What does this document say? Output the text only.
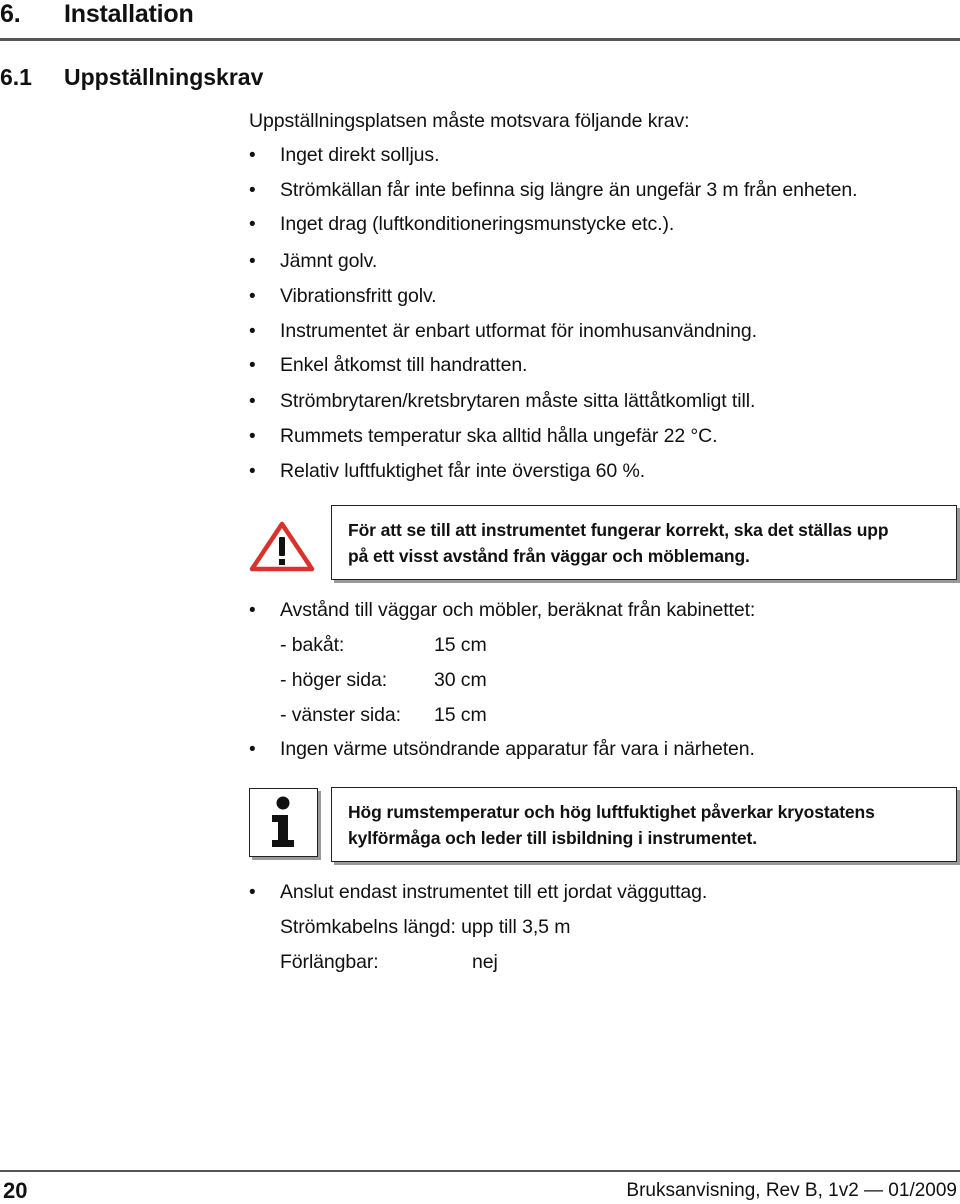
6. Installation
6.1 Uppställningskrav
Uppställningsplatsen måste motsvara följande krav:
• Inget direkt solljus.
• Strömkällan får inte befinna sig längre än ungefär 3 m från enheten.
• Inget drag (luftkonditioneringsmunstycke etc.).
• Jämnt golv.
• Vibrationsfritt golv.
• Instrumentet är enbart utformat för inomhusanvändning.
• Enkel åtkomst till handratten.
• Strömbrytaren/kretsbrytaren måste sitta lättåtkomligt till.
• Rummets temperatur ska alltid hålla ungefär 22 °C.
• Relativ luftfuktighet får inte överstiga 60 %.
För att se till att instrumentet fungerar korrekt, ska det ställas upp
på ett visst avstånd från väggar och möblemang.
• Avstånd till väggar och möbler, beräknat från kabinettet:
- bakåt:	15 cm
- höger sida: 30 cm
- vänster sida: 15 cm
• Ingen värme utsöndrande apparatur får vara i närheten.
Hög rumstemperatur och hög luftfuktighet påverkar kryostatens
kylförmåga och leder till isbildning i instrumentet.
• Anslut endast instrumentet till ett jordat vägguttag.
Strömkabelns längd: upp till 3,5 m
Förlängbar:	nej
20	Bruksanvisning, Rev B, 1v2 — 01/2009
